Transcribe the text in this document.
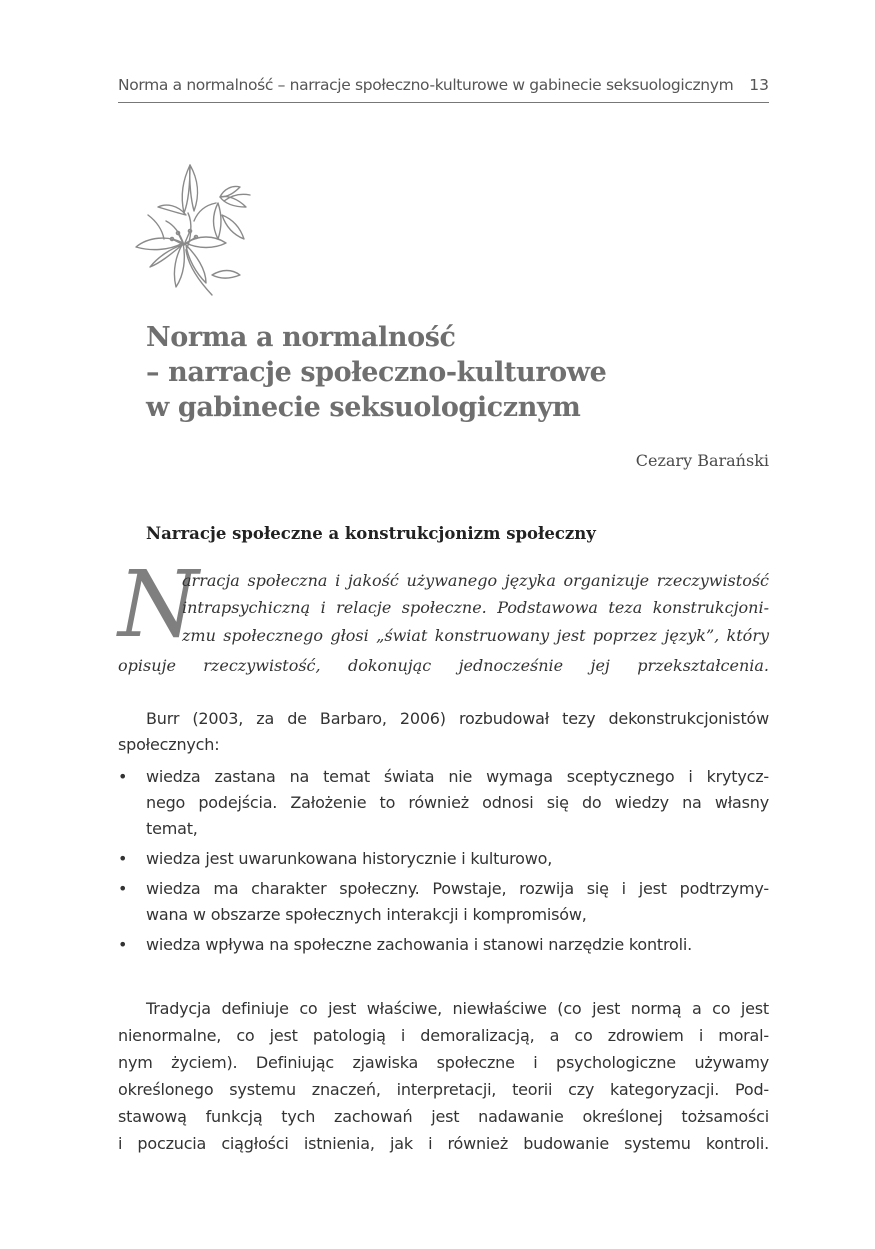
Norma a normalność – narracje społeczno-kulturowe w gabinecie seksuologicznym 13
Norma a normalność
– narracje społeczno-kulturowe
w gabinecie seksuologicznym
Cezary Barański
Narracje społeczne a konstrukcjonizm społeczny
N
arracja społeczna i jakość używanego języka organizuje rzeczywistość
intrapsychiczną i relacje społeczne. Podstawowa teza konstrukcjoni-
zmu społecznego głosi „świat konstruowany jest poprzez język”, który
opisuje rzeczywistość, dokonując jednocześnie jej przekształcenia.
Burr (2003, za de Barbaro, 2006) rozbudował tezy dekonstrukcjonistów
społecznych:
• wiedza zastana na temat świata nie wymaga sceptycznego i krytycz-
nego podejścia. Założenie to również odnosi się do wiedzy na własny
temat,
• wiedza jest uwarunkowana historycznie i kulturowo,
• wiedza ma charakter społeczny. Powstaje, rozwija się i jest podtrzymy-
wana w obszarze społecznych interakcji i kompromisów,
• wiedza wpływa na społeczne zachowania i stanowi narzędzie kontroli.
Tradycja definiuje co jest właściwe, niewłaściwe (co jest normą a co jest
nienormalne, co jest patologią i demoralizacją, a co zdrowiem i moral-
nym życiem). Definiując zjawiska społeczne i psychologiczne używamy
określonego systemu znaczeń, interpretacji, teorii czy kategoryzacji. Pod-
stawową funkcją tych zachowań jest nadawanie określonej tożsamości
i poczucia ciągłości istnienia, jak i również budowanie systemu kontroli.
